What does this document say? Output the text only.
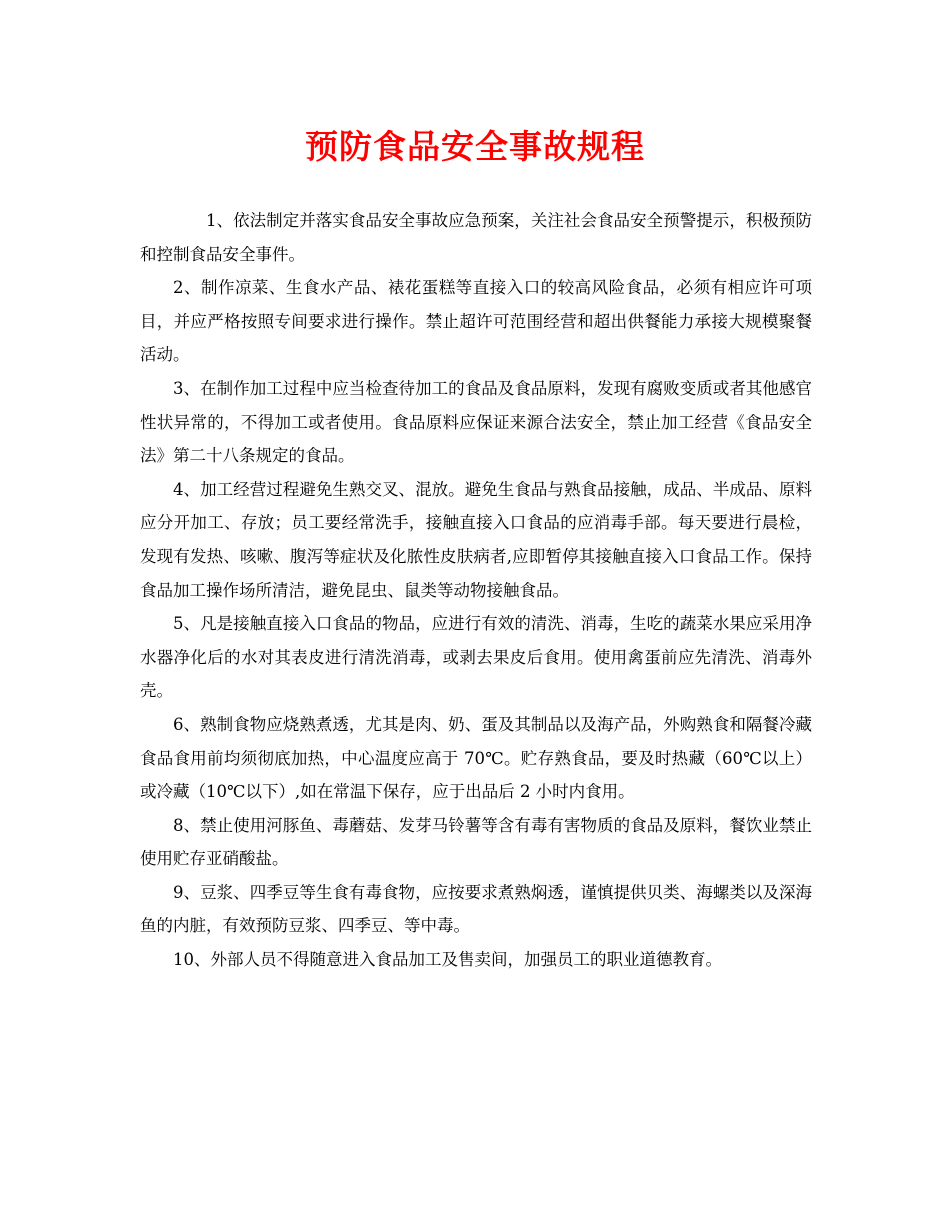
预防食品安全事故规程

1、依法制定并落实食品安全事故应急预案，关注社会食品安全预警提示，积极预防和控制食品安全事件。

2、制作凉菜、生食水产品、裱花蛋糕等直接入口的较高风险食品，必须有相应许可项目，并应严格按照专间要求进行操作。禁止超许可范围经营和超出供餐能力承接大规模聚餐活动。

3、在制作加工过程中应当检查待加工的食品及食品原料，发现有腐败变质或者其他感官性状异常的，不得加工或者使用。食品原料应保证来源合法安全，禁止加工经营《食品安全法》第二十八条规定的食品。

4、加工经营过程避免生熟交叉、混放。避免生食品与熟食品接触，成品、半成品、原料应分开加工、存放；员工要经常洗手，接触直接入口食品的应消毒手部。每天要进行晨检，发现有发热、咳嗽、腹泻等症状及化脓性皮肤病者,应即暂停其接触直接入口食品工作。保持食品加工操作场所清洁，避免昆虫、鼠类等动物接触食品。

5、凡是接触直接入口食品的物品，应进行有效的清洗、消毒，生吃的蔬菜水果应采用净水器净化后的水对其表皮进行清洗消毒，或剥去果皮后食用。使用禽蛋前应先清洗、消毒外壳。

6、熟制食物应烧熟煮透，尤其是肉、奶、蛋及其制品以及海产品，外购熟食和隔餐冷藏食品食用前均须彻底加热，中心温度应高于 70℃。贮存熟食品，要及时热藏（60℃以上）或冷藏（10℃以下）,如在常温下保存，应于出品后 2 小时内食用。

8、禁止使用河豚鱼、毒蘑菇、发芽马铃薯等含有毒有害物质的食品及原料，餐饮业禁止使用贮存亚硝酸盐。

9、豆浆、四季豆等生食有毒食物，应按要求煮熟焖透，谨慎提供贝类、海螺类以及深海鱼的内脏，有效预防豆浆、四季豆、等中毒。

10、外部人员不得随意进入食品加工及售卖间，加强员工的职业道德教育。
